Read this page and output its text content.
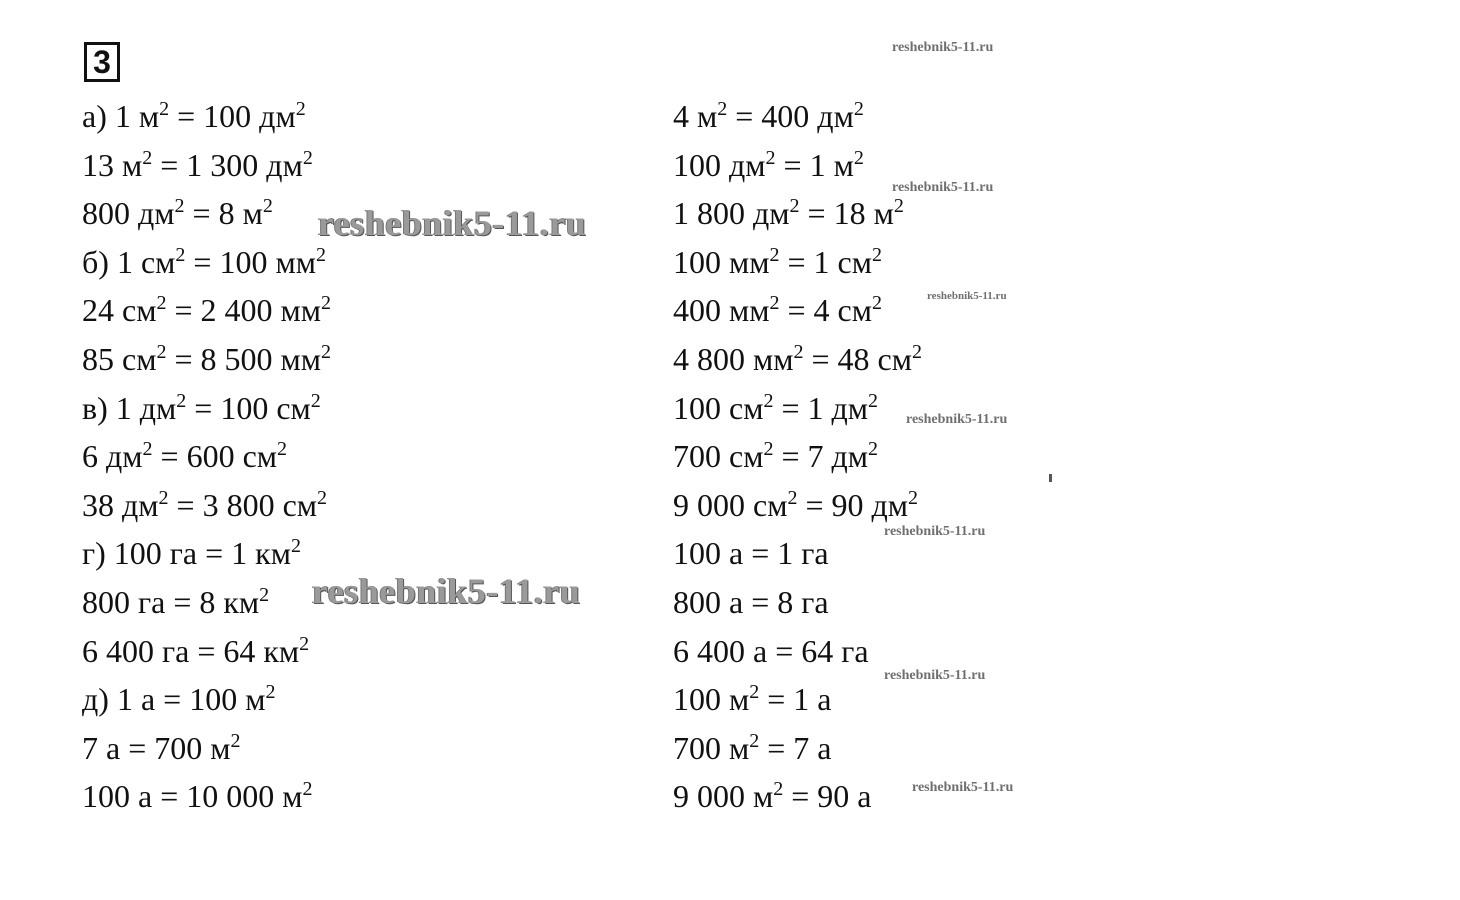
3
а) 1 $м^2 = 100$ $дм^2$
13 $м^2 = 1$ 300 $дм^2$
800 $дм^2 = 8$ $м^2$
б) 1 $см^2 = 100$ $мм^2$
24 $см^2 = 2$ 400 $мм^2$
85 $см^2 = 8$ 500 $мм^2$
в) 1 $дм^2 = 100$ $см^2$
6 $дм^2 = 600$ $см^2$
38 $дм^2 = 3$ 800 $см^2$
г) 100 га = 1 $км^2$
800 га = 8 $км^2$
6 400 га = 64 $км^2$
д) 1 а = 100 $м^2$
7 а = 700 $м^2$
100 а = 10 000 $м^2$
4 $м^2 = 400$ $дм^2$
100 $дм^2 = 1$ $м^2$
1 800 $дм^2 = 18$ $м^2$
100 $мм^2 = 1$ $см^2$
400 $мм^2 = 4$ $см^2$
4 800 $мм^2 = 48$ $см^2$
100 $см^2 = 1$ $дм^2$
700 $см^2 = 7$ $дм^2$
9 000 $см^2 = 90$ $дм^2$
100 а = 1 га
800 а = 8 га
6 400 а = 64 га
100 $м^2 = 1$ а
700 $м^2 = 7$ а
9 000 $м^2 = 90$ а
reshebnik5-11.ru
reshebnik5-11.ru
reshebnik5-11.ru
reshebnik5-11.ru
reshebnik5-11.ru
reshebnik5-11.ru
reshebnik5-11.ru
reshebnik5-11.ru
reshebnik5-11.ru
